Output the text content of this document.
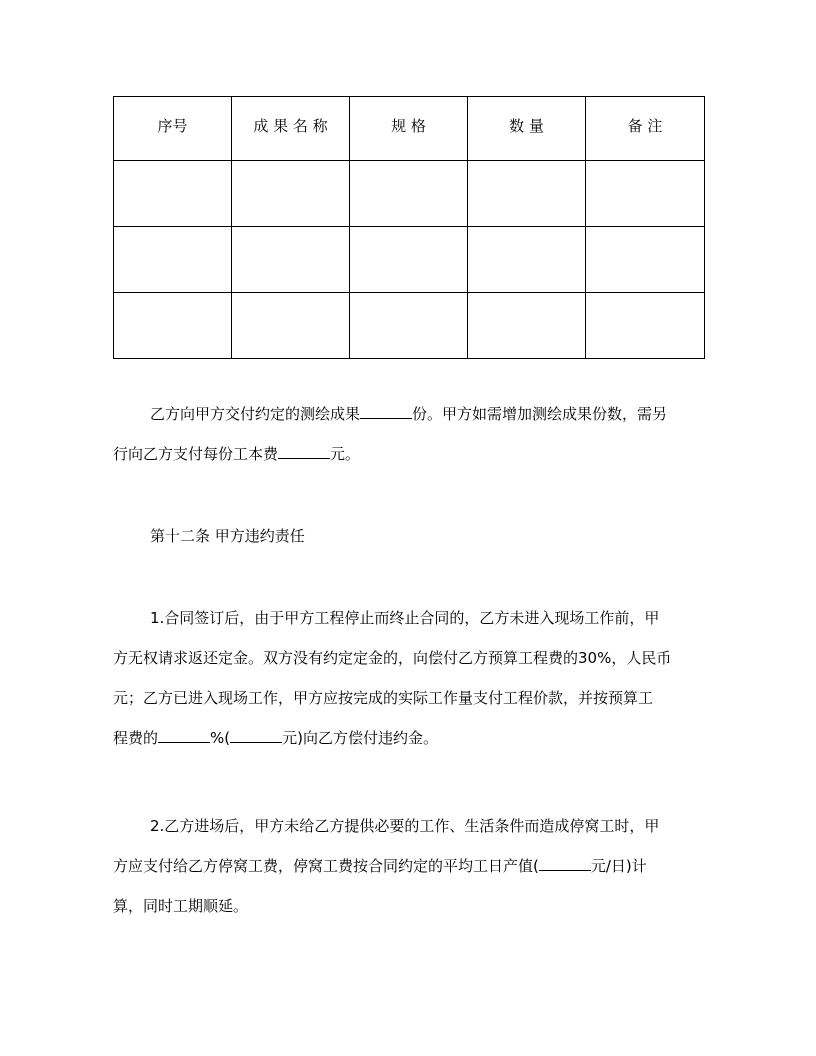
序号	成 果 名 称	规 格	数 量	备 注

乙方向甲方交付约定的测绘成果	份。甲方如需增加测绘成果份数，需另
行向乙方支付每份工本费	元。
第十二条 甲方违约责任
1.合同签订后，由于甲方工程停止而终止合同的，乙方未进入现场工作前，甲
方无权请求返还定金。双方没有约定定金的，向偿付乙方预算工程费的30%，人民币
元；乙方已进入现场工作，甲方应按完成的实际工作量支付工程价款，并按预算工
程费的	%(	元)向乙方偿付违约金。
2.乙方进场后，甲方未给乙方提供必要的工作、生活条件而造成停窝工时，甲
方应支付给乙方停窝工费，停窝工费按合同约定的平均工日产值(	元/日)计
算，同时工期顺延。
